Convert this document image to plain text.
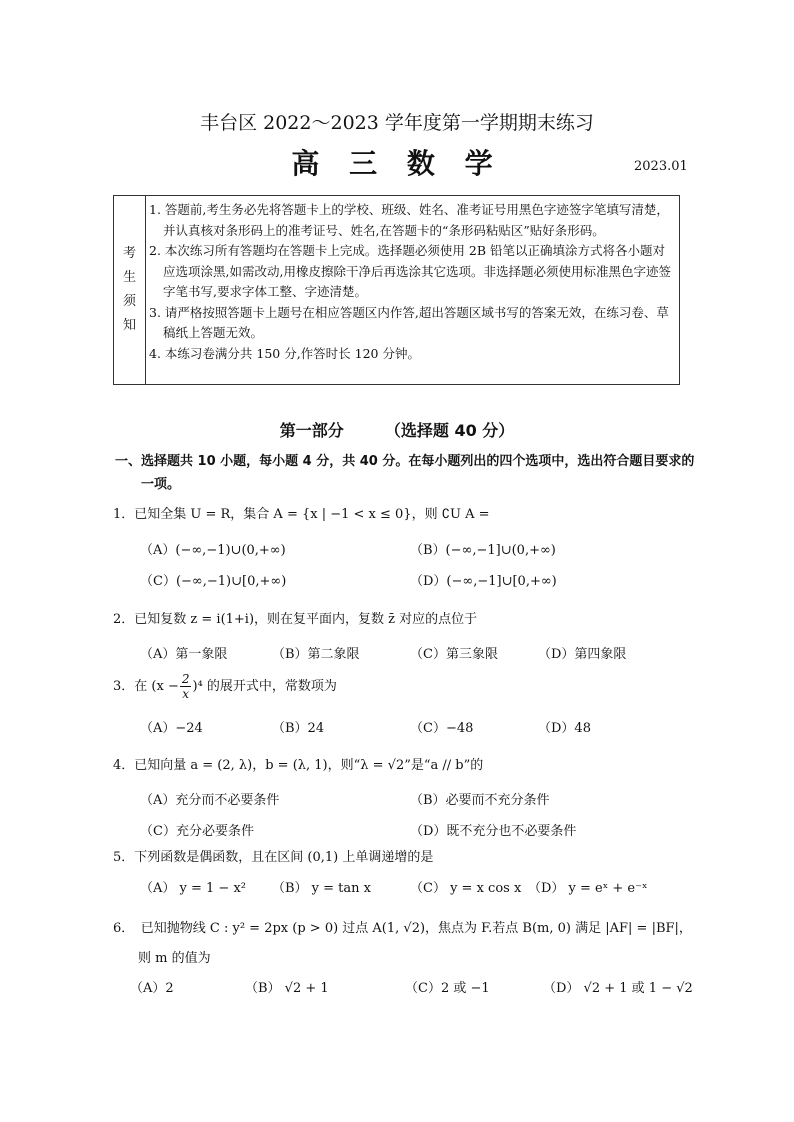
丰台区 2022～2023 学年度第一学期期末练习
高 三 数 学	2023.01
考
生
须
知
1. 答题前,考生务必先将答题卡上的学校、班级、姓名、准考证号用黑色字迹签字笔填写清楚，并认真核对条形码上的准考证号、姓名,在答题卡的“条形码粘贴区”贴好条形码。
2. 本次练习所有答题均在答题卡上完成。选择题必须使用 2B 铅笔以正确填涂方式将各小题对应选项涂黑,如需改动,用橡皮擦除干净后再选涂其它选项。非选择题必须使用标准黑色字迹签字笔书写,要求字体工整、字迹清楚。
3. 请严格按照答题卡上题号在相应答题区内作答,超出答题区域书写的答案无效，在练习卷、草稿纸上答题无效。
4. 本练习卷满分共 150 分,作答时长 120 分钟。
第一部分	（选择题 40 分）
一、选择题共 10 小题，每小题 4 分，共 40 分。在每小题列出的四个选项中，选出符合题目要求的一项。
1．已知全集 U = R，集合 A = {x | −1 < x ≤ 0}，则 ∁U A =
（A）(−∞,−1)∪(0,+∞)	（B）(−∞,−1]∪(0,+∞)
（C）(−∞,−1)∪[0,+∞)	（D）(−∞,−1]∪[0,+∞)
2．已知复数 z = i(1+i)，则在复平面内，复数 z̄ 对应的点位于
（A）第一象限	（B）第二象限	（C）第三象限	（D）第四象限
3．在 $(x - \frac{2}{x} )^4$ 的展开式中，常数项为
（A）−24	（B）24	（C）−48	（D）48
4．已知向量 a = (2, λ)，b = (λ, 1)，则“λ = √2”是“a // b”的
（A）充分而不必要条件	（B）必要而不充分条件
（C）充分必要条件	（D）既不充分也不必要条件
5．下列函数是偶函数，且在区间 (0,1) 上单调递增的是
（A） y = 1 − x² （B） y = tan x	（C） y = x cos x （D） y = eˣ + e⁻ˣ
6．　已知抛物线 C : y² = 2px (p > 0) 过点 A(1, √2)，焦点为 F.若点 B(m, 0) 满足 |AF| = |BF|，
则 m 的值为
（A）2	（B） √2 + 1	（C）2 或 −1	（D） √2 + 1 或 1 − √2
